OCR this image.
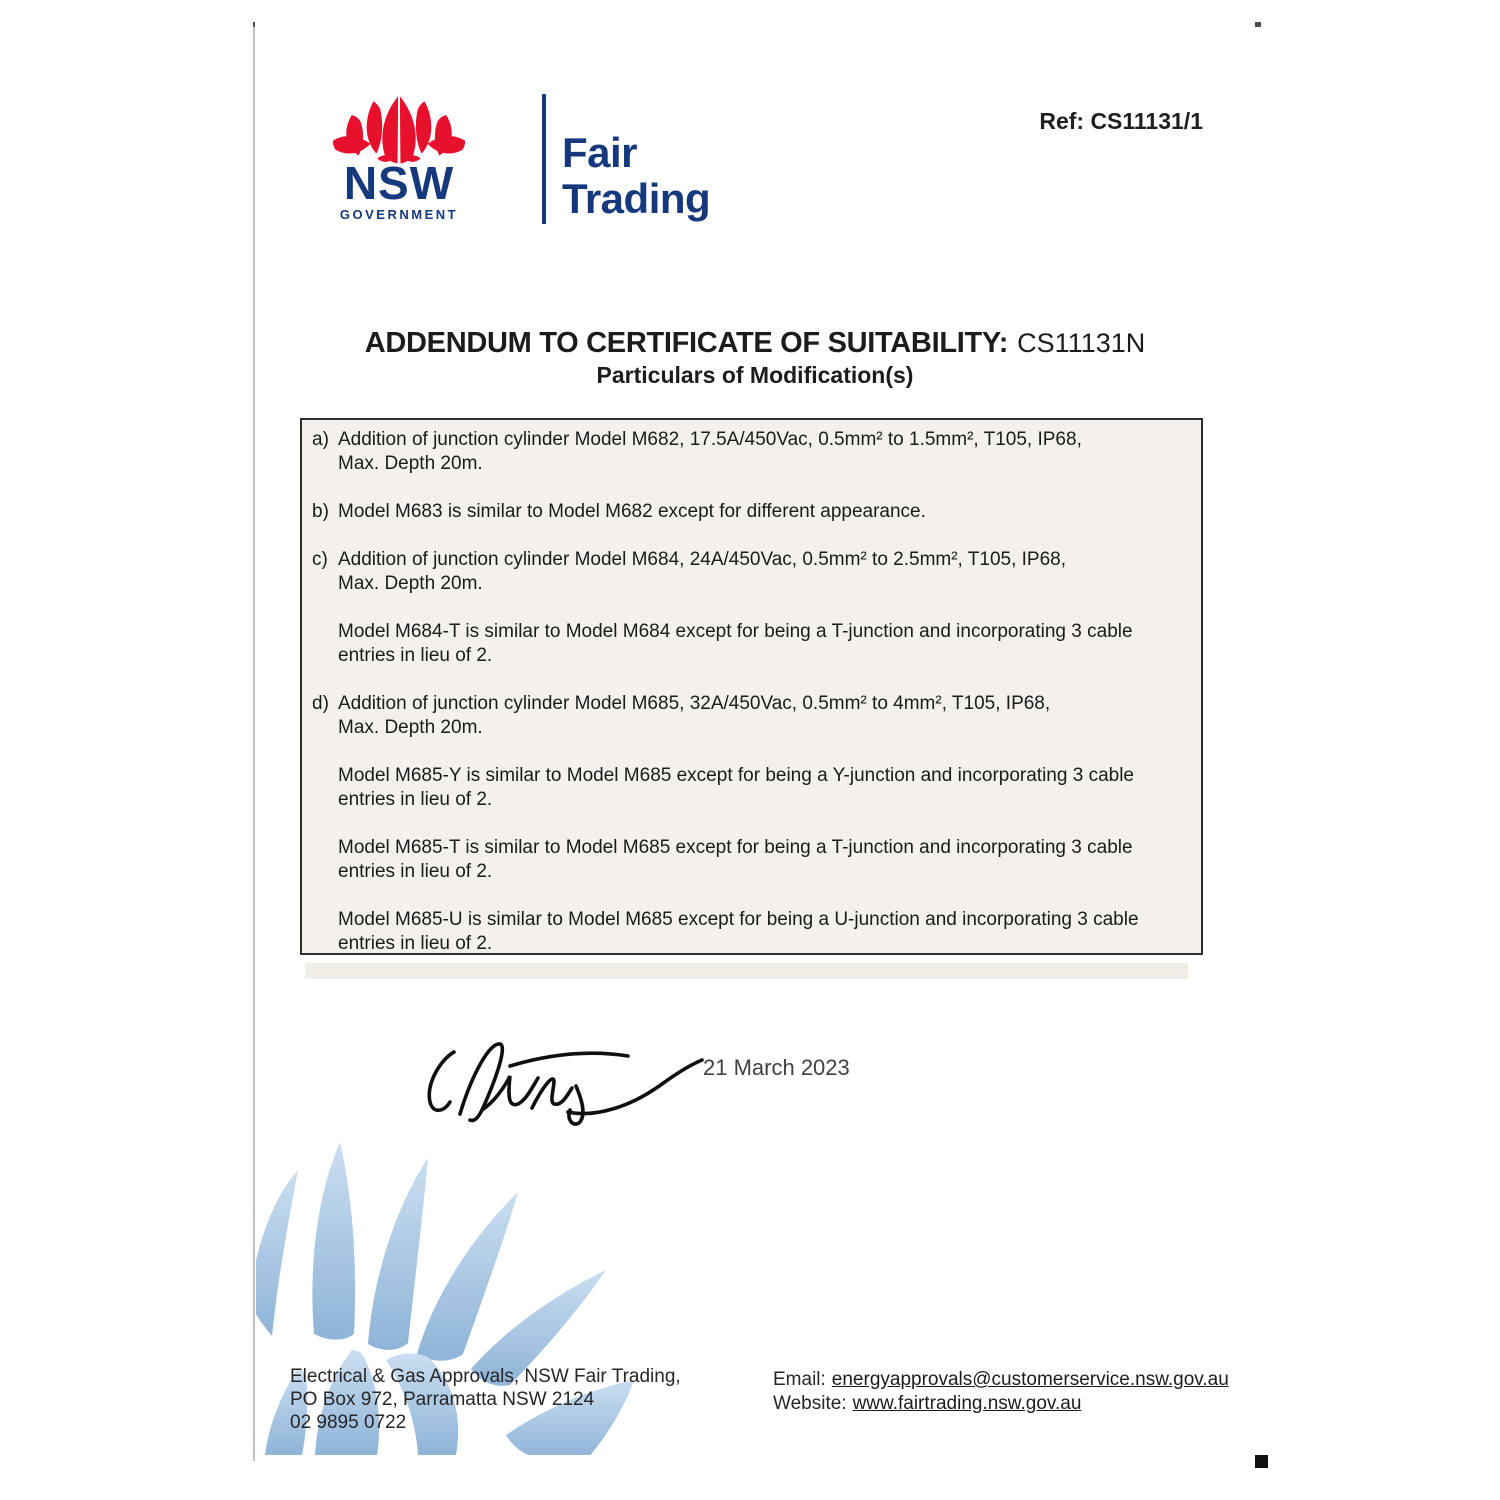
NSW
GOVERNMENT
Fair
Trading
Ref: CS11131/1
ADDENDUM TO CERTIFICATE OF SUITABILITY: CS11131N
Particulars of Modification(s)
a) Addition of junction cylinder Model M682, 17.5A/450Vac, 0.5mm² to 1.5mm², T105, IP68,
Max. Depth 20m.
b) Model M683 is similar to Model M682 except for different appearance.
c) Addition of junction cylinder Model M684, 24A/450Vac, 0.5mm² to 2.5mm², T105, IP68,
Max. Depth 20m.
Model M684-T is similar to Model M684 except for being a T-junction and incorporating 3 cable
entries in lieu of 2.
d) Addition of junction cylinder Model M685, 32A/450Vac, 0.5mm² to 4mm², T105, IP68,
Max. Depth 20m.
Model M685-Y is similar to Model M685 except for being a Y-junction and incorporating 3 cable
entries in lieu of 2.
Model M685-T is similar to Model M685 except for being a T-junction and incorporating 3 cable
entries in lieu of 2.
Model M685-U is similar to Model M685 except for being a U-junction and incorporating 3 cable
entries in lieu of 2.
21 March 2023
Electrical & Gas Approvals, NSW Fair Trading,
PO Box 972, Parramatta NSW 2124
02 9895 0722
Email: energyapprovals@customerservice.nsw.gov.au
Website: www.fairtrading.nsw.gov.au
